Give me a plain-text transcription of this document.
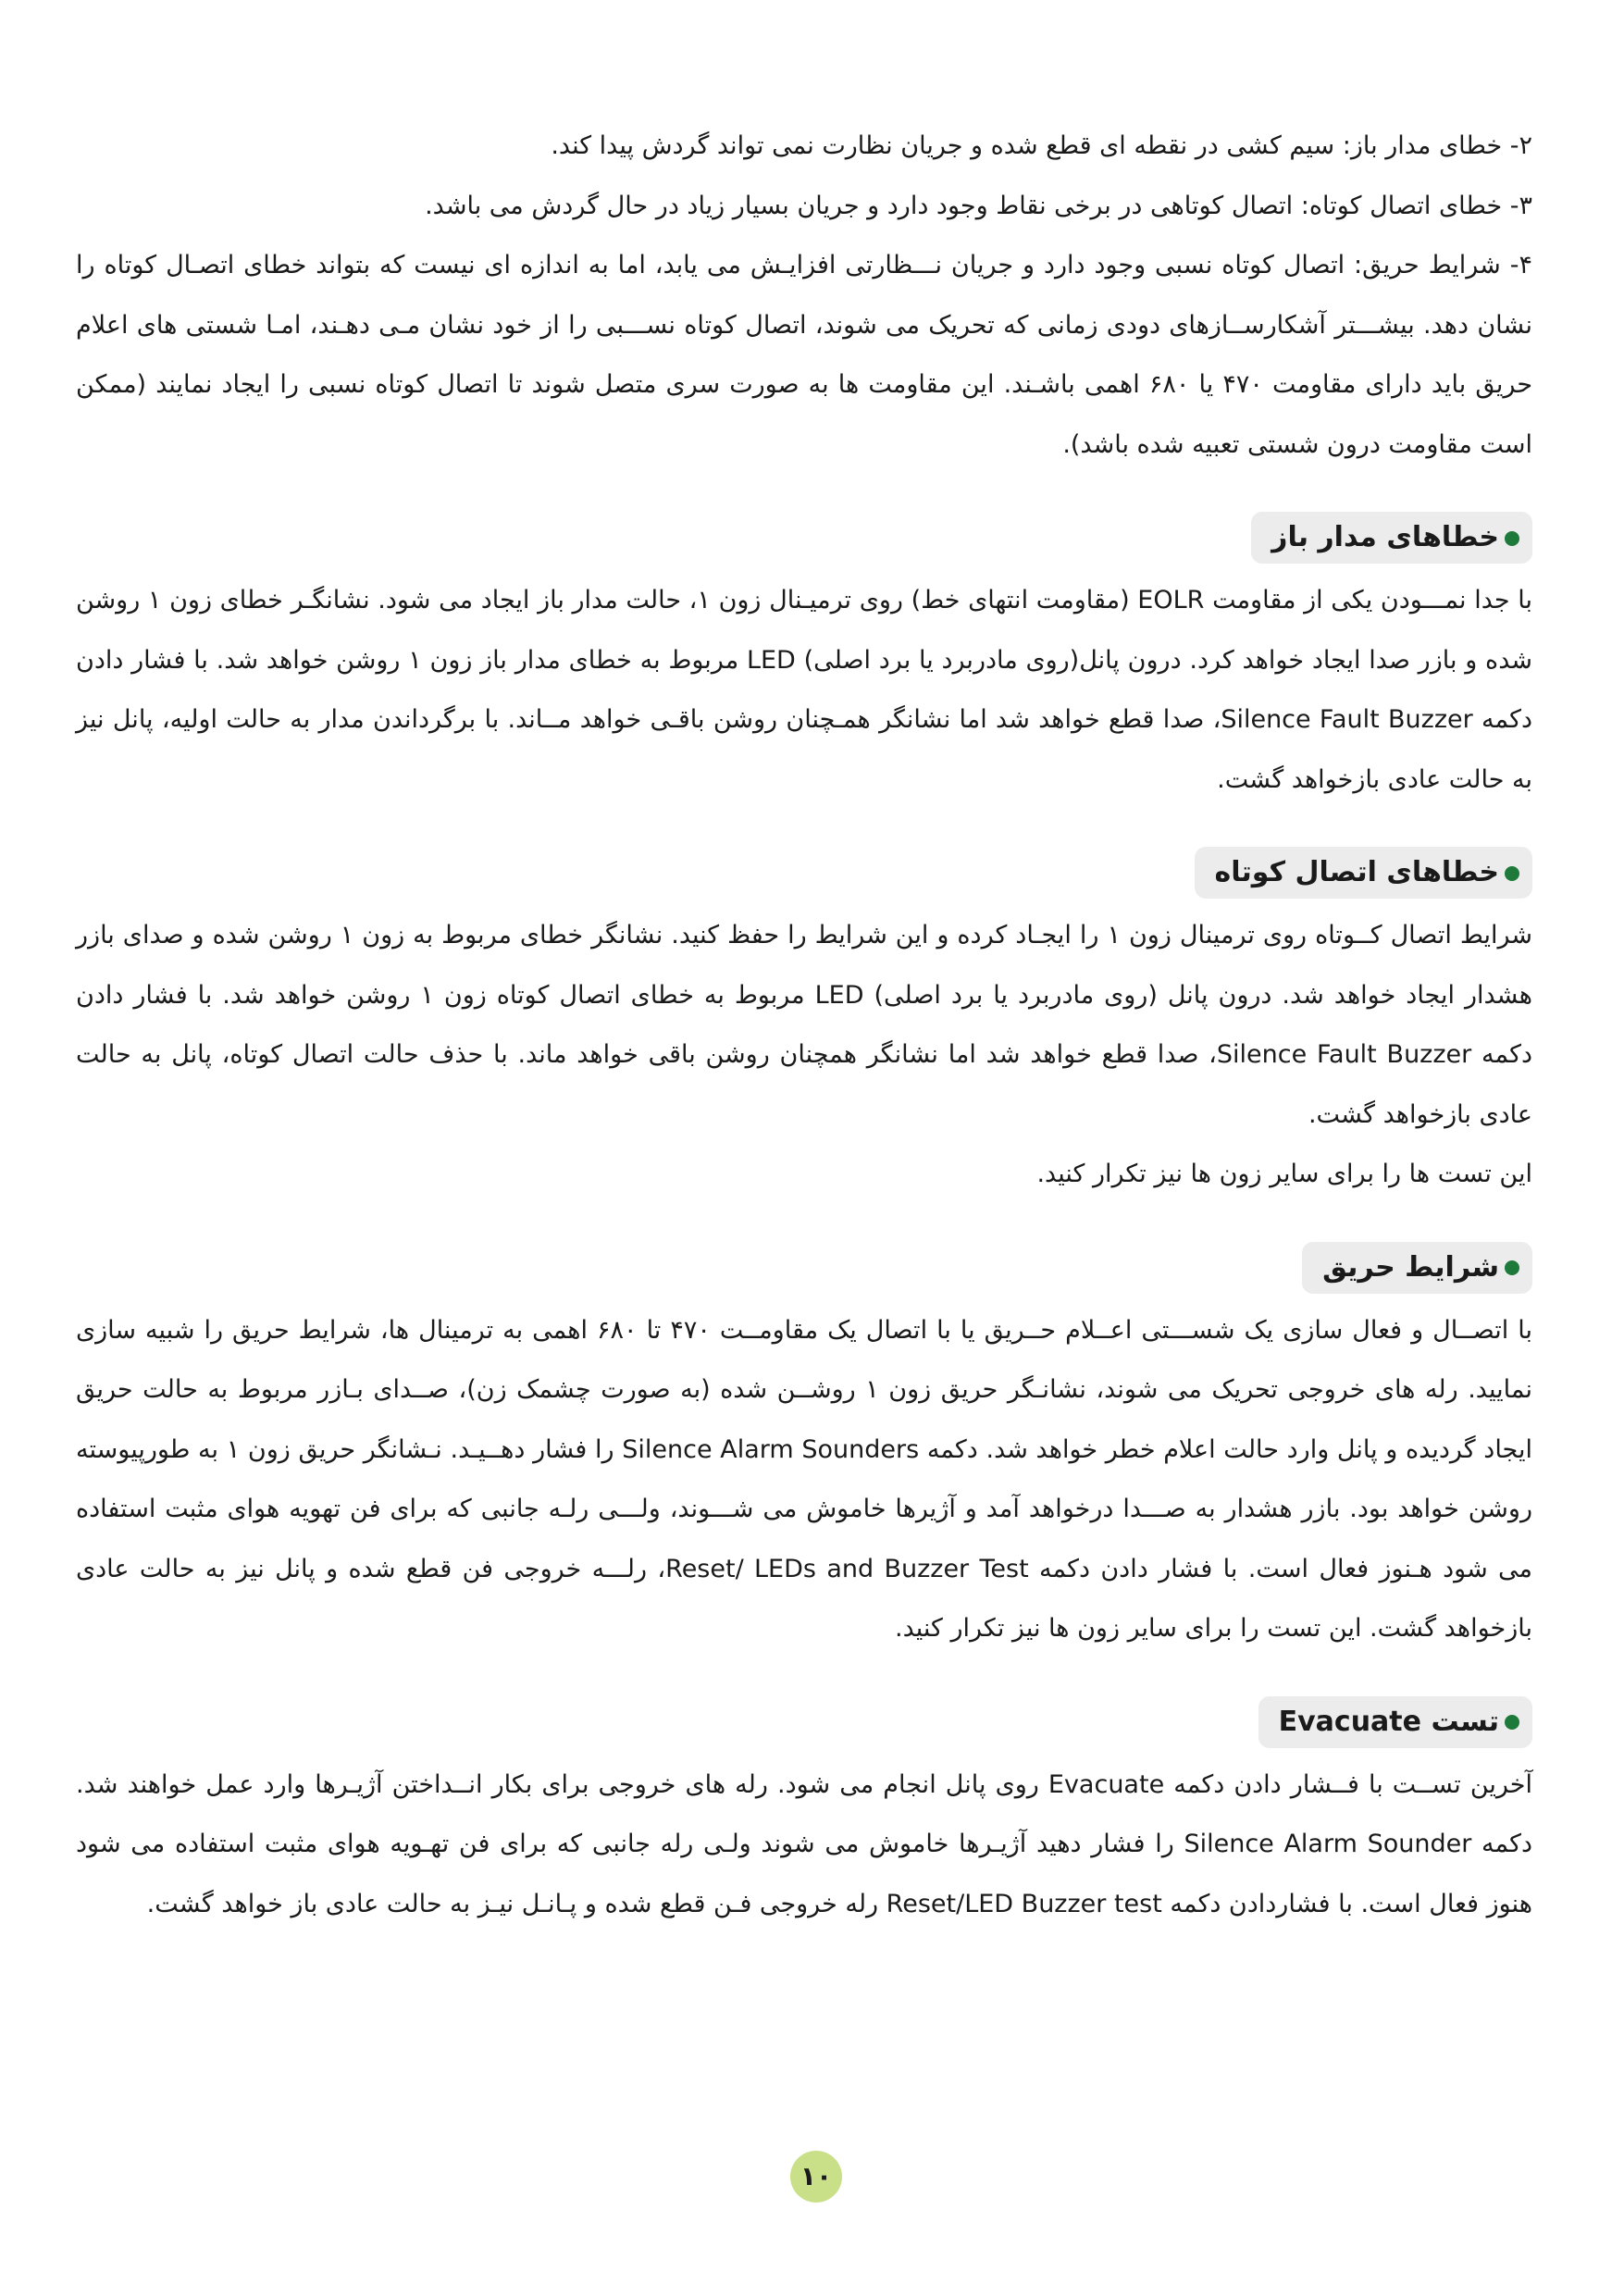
۲- خطای مدار باز: سیم کشی در نقطه ای قطع شده و جریان نظارت نمی تواند گردش پیدا کند.

۳- خطای اتصال کوتاه: اتصال کوتاهی در برخی نقاط وجود دارد و جریان بسیار زیاد در حال گردش می باشد.

۴- شرایط حریق: اتصال کوتاه نسبی وجود دارد و جریان نـــظارتی افزایـش می یابد، اما به اندازه ای نیست که بتواند خطای اتصـال کوتاه را نشان دهد. بیشـــتر آشکارســازهای دودی زمانی که تحریک می شوند، اتصال کوتاه نســـبی را از خود نشان مـی دهـند، امـا شستی های اعلام حریق باید دارای مقاومت ۴۷۰ یا ۶۸۰ اهمی باشـند. این مقاومت ها به صورت سری متصل شوند تا اتصال کوتاه نسبی را ایجاد نمایند (ممکن است مقاومت درون شستی تعبیه شده باشد).

خطاهای مدار باز

با جدا نمـــودن یکی از مقاومت EOLR (مقاومت انتهای خط) روی ترمیـنال زون ۱، حالت مدار باز ایجاد می شود. نشانگـر خطای زون ۱ روشن شده و بازر صدا ایجاد خواهد کرد. درون پانل(روی مادربرد یا برد اصلی) LED مربوط به خطای مدار باز زون ۱ روشن خواهد شد. با فشار دادن دکمه Silence Fault Buzzer، صدا قطع خواهد شد اما نشانگر همـچنان روشن باقـی خواهد مــاند. با برگرداندن مدار به حالت اولیه، پانل نیز به حالت عادی بازخواهد گشت.

خطاهای اتصال کوتاه

شرایط اتصال کــوتاه روی ترمینال زون ۱ را ایجـاد کرده و این شرایط را حفظ کنید. نشانگر خطای مربوط به زون ۱ روشن شده و صدای بازر هشدار ایجاد خواهد شد. درون پانل (روی مادربرد یا برد اصلی) LED مربوط به خطای اتصال کوتاه زون ۱ روشن خواهد شد. با فشار دادن دکمه Silence Fault Buzzer، صدا قطع خواهد شد اما نشانگر همچنان روشن باقی خواهد ماند. با حذف حالت اتصال کوتاه، پانل به حالت عادی بازخواهد گشت.

این تست ها را برای سایر زون ها نیز تکرار کنید.

شرایط حریق

با اتصــال و فعال سازی یک شســـتی اعــلام حــریق یا با اتصال یک مقاومــت ۴۷۰ تا ۶۸۰ اهمی به ترمینال ها، شرایط حریق را شبیه سازی نمایید. رله های خروجی تحریک می شوند، نشانـگر حریق زون ۱ روشــن شده (به صورت چشمک زن)، صــدای بـازر مربوط به حالت حریق ایجاد گردیده و پانل وارد حالت اعلام خطر خواهد شد. دکمه Silence Alarm Sounders را فشار دهــیـد. نـشانگر حریق زون ۱ به طورپیوسته روشن خواهد بود. بازر هشدار به صـــدا درخواهد آمد و آژیرها خاموش می شـــوند، ولـــی رلـه جانبی که برای فن تهویه هوای مثبت استفاده می شود هـنوز فعال است. با فشار دادن دکمه Reset/ LEDs and Buzzer Test، رلـــه خروجی فن قطع شده و پانل نیز به حالت عادی بازخواهد گشت. این تست را برای سایر زون ها نیز تکرار کنید.

تست Evacuate

آخرین تســت با فــشار دادن دکمه Evacuate روی پانل انجام می شود. رله های خروجی برای بکار انــداختن آژیـرها وارد عمل خواهند شد. دکمه Silence Alarm Sounder را فشار دهید آژیـرها خاموش می شوند ولـی رله جانبی که برای فن تهـویه هوای مثبت استفاده می شود هنوز فعال است. با فشاردادن دکمه Reset/LED Buzzer test رله خروجی فـن قطع شده و پـانـل نیـز به حالت عادی باز خواهد گشت.

۱۰
